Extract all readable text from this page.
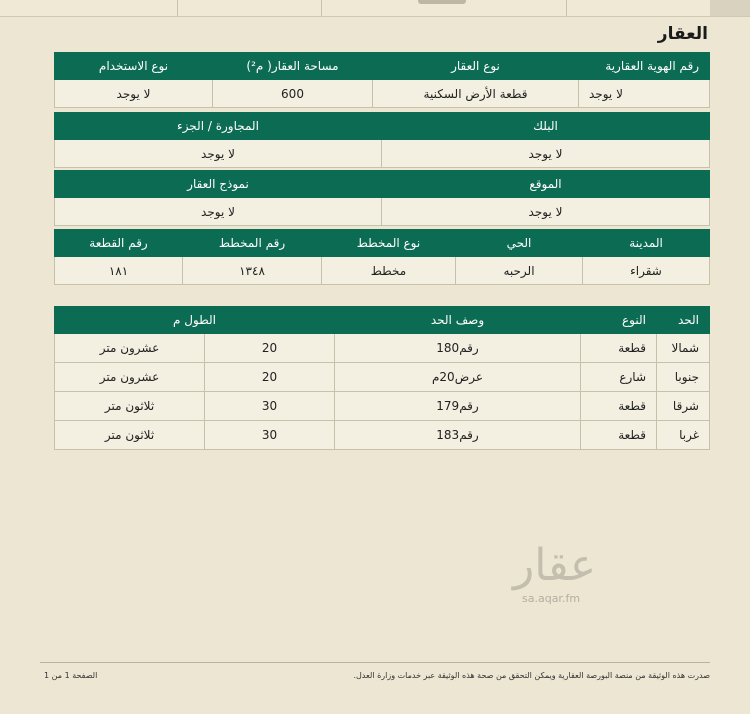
العقار
رقم الهوية العقارية	نوع العقار	مساحة العقار( م²)	نوع الاستخدام
لا يوجد	قطعة الأرض السكنية	600	لا يوجد
البلك	المجاورة / الجزء
لا يوجد	لا يوجد
الموقع	نموذج العقار
لا يوجد	لا يوجد
المدينة	الحي	نوع المخطط	رقم المخطط	رقم القطعة
شقراء	الرحبه	مخطط	١٣٤٨	١٨١
الحد	النوع	وصف الحد	الطول م	
شمالا	قطعة	رقم180	20	عشرون متر
جنوبا	شارع	عرض20م	20	عشرون متر
شرقا	قطعة	رقم179	30	ثلاثون متر
غربا	قطعة	رقم183	30	ثلاثون متر
عقار
sa.aqar.fm
صدرت هذه الوثيقة من منصة البورصة العقارية ويمكن التحقق من صحة هذه الوثيقة عبر خدمات وزارة العدل.
الصفحة 1 من 1
